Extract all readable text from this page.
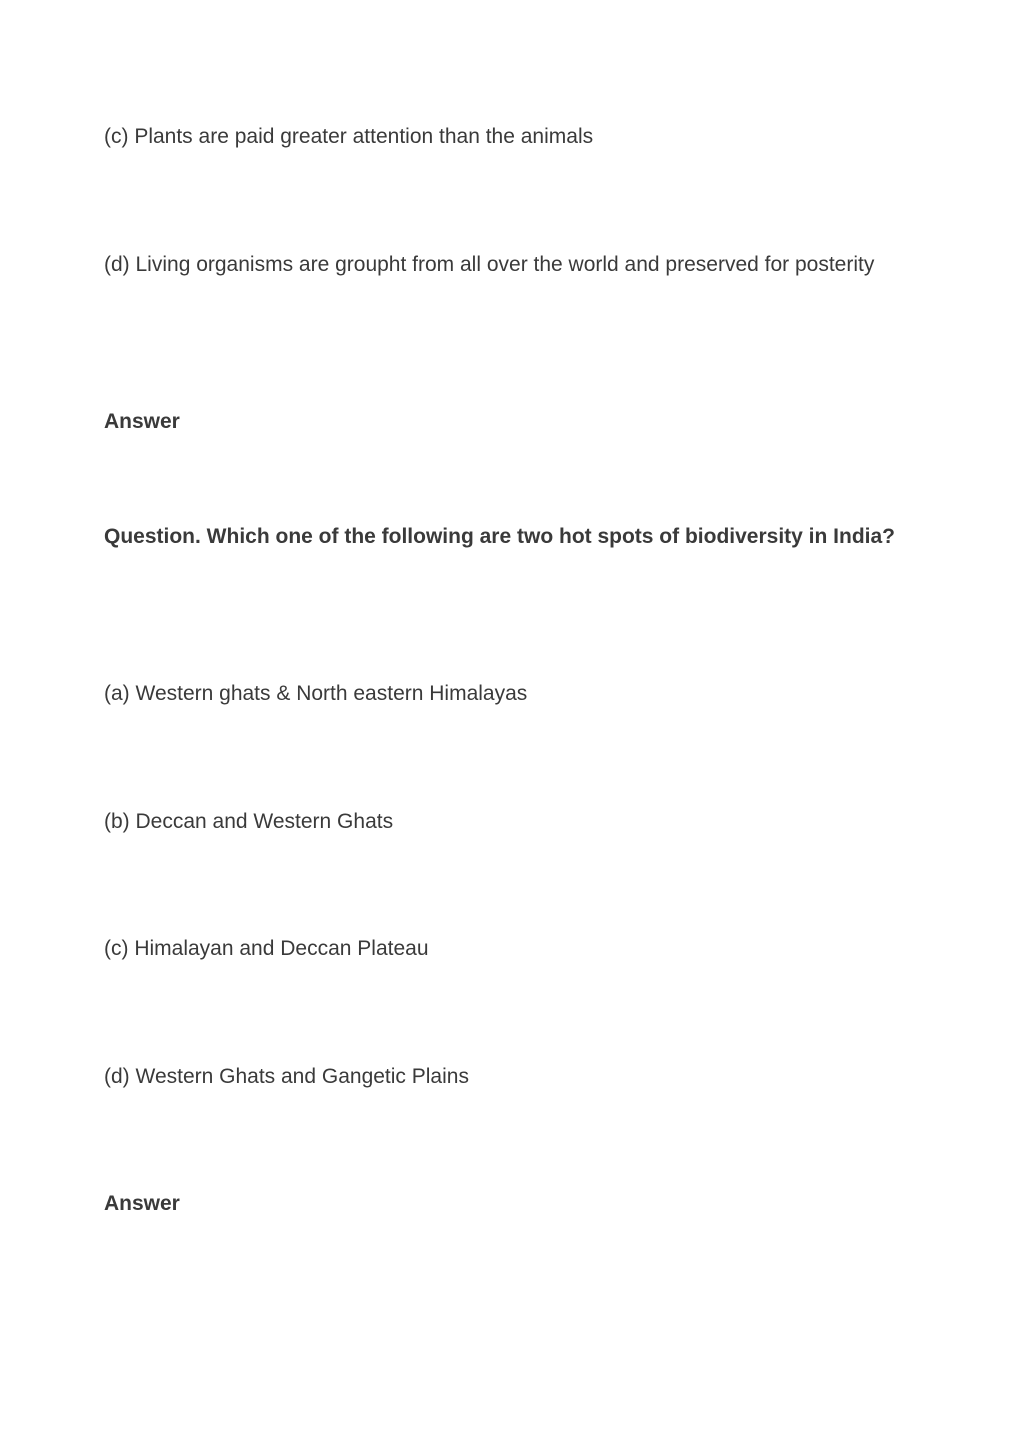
(c) Plants are paid greater attention than the animals

(d) Living organisms are groupht from all over the world and preserved for posterity

Answer

Question. Which one of the following are two hot spots of biodiversity in India?

(a) Western ghats & North eastern Himalayas

(b) Deccan and Western Ghats

(c) Himalayan and Deccan Plateau

(d) Western Ghats and Gangetic Plains

Answer
